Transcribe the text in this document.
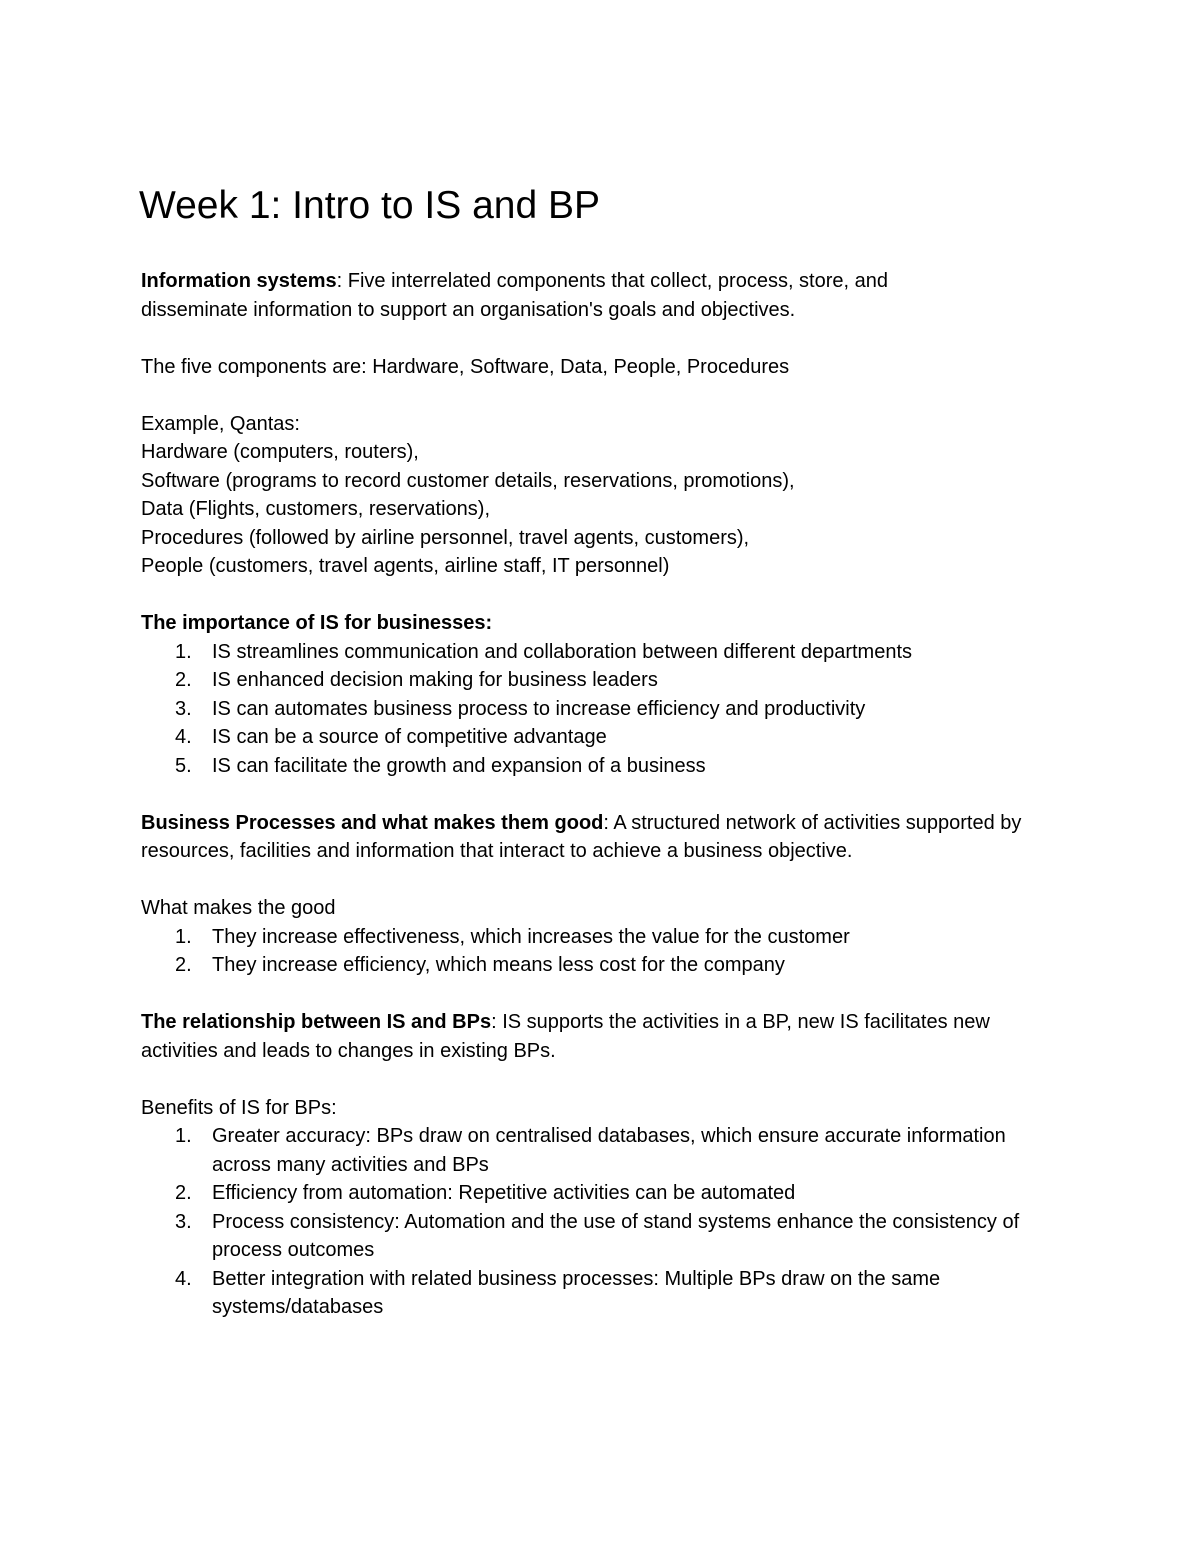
Week 1: Intro to IS and BP

Information systems: Five interrelated components that collect, process, store, and disseminate information to support an organisation's goals and objectives.

The five components are: Hardware, Software, Data, People, Procedures

Example, Qantas:

Hardware (computers, routers),

Software (programs to record customer details, reservations, promotions),

Data (Flights, customers, reservations),

Procedures (followed by airline personnel, travel agents, customers),

People (customers, travel agents, airline staff, IT personnel)

The importance of IS for businesses:

1.	IS streamlines communication and collaboration between different departments
2.	IS enhanced decision making for business leaders
3.	IS can automates business process to increase efficiency and productivity
4.	IS can be a source of competitive advantage
5.	IS can facilitate the growth and expansion of a business

Business Processes and what makes them good: A structured network of activities supported by resources, facilities and information that interact to achieve a business objective.

What makes the good

1.	They increase effectiveness, which increases the value for the customer
2.	They increase efficiency, which means less cost for the company

The relationship between IS and BPs: IS supports the activities in a BP, new IS facilitates new activities and leads to changes in existing BPs.

Benefits of IS for BPs:

1.	Greater accuracy: BPs draw on centralised databases, which ensure accurate information across many activities and BPs
2.	Efficiency from automation: Repetitive activities can be automated
3.	Process consistency: Automation and the use of stand systems enhance the consistency of process outcomes
4.	Better integration with related business processes: Multiple BPs draw on the same systems/databases
